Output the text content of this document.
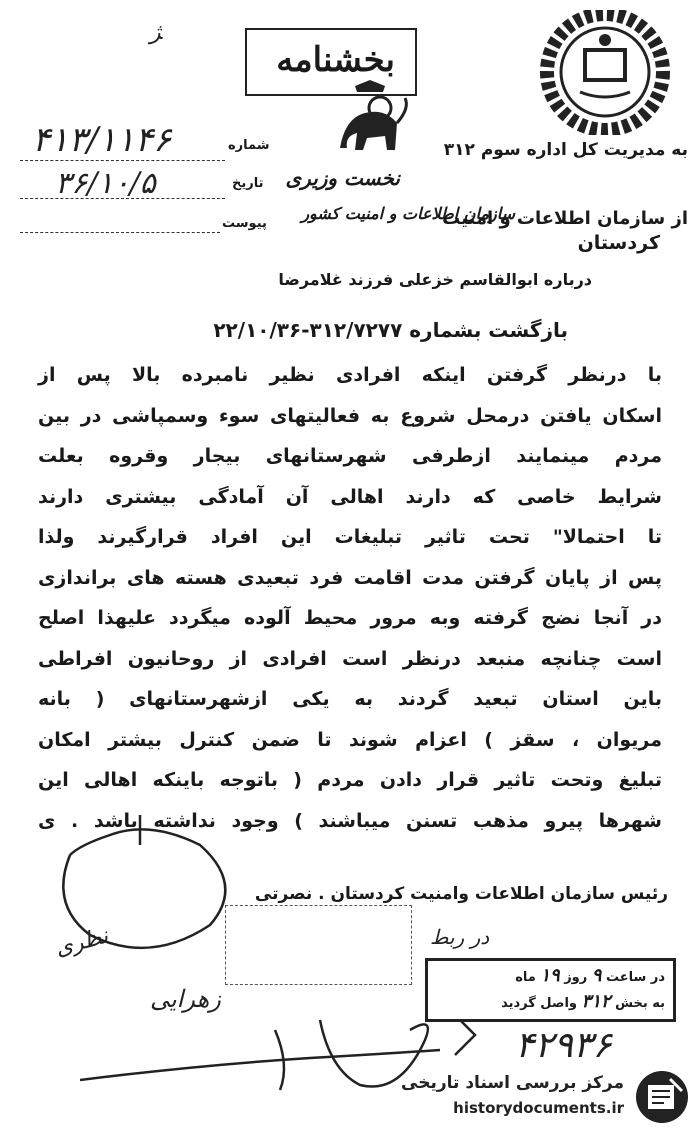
ﮋ
بخشنامه
به مدیریت کل اداره سوم ۳۱۲
نخست وزیری
از سازمان اطلاعات و امنیت
سازمان اطلاعات و امنیت کشور
کردستان
شماره
۴۱۳/۱۱۴۶
تاریخ
۳۶/۱۰/۵
پیوست
درباره ابوالقاسم خزعلی فرزند غلامرضا
بازگشت بشماره ۳۱۲/۷۲۷۷-۲۲/۱۰/۳۶
با درنظر گرفتن اینکه افرادی نظیر نامبرده بالا پس از
اسکان یافتن درمحل شروع به فعالیتهای سوء وسمپاشی در بین
مردم مینمایند ازطرفی شهرستانهای بیجار وقروه بعلت
شرایط خاصی که دارند اهالی آن آمادگی بیشتری دارند
تا احتمالا" تحت تاثیر تبلیغات این افراد قرارگیرند ولذا
پس از پایان گرفتن مدت اقامت فرد تبعیدی هسته های براندازی
در آنجا نضج گرفته وبه مرور محیط آلوده میگردد علیهذا اصلح
است چنانچه منبعد درنظر است افرادی از روحانیون افراطی
باین استان تبعید گردند به یکی ازشهرستانهای ( بانه
مریوان ، سقز ) اعزام شوند تا ضمن کنترل بیشتر امکان
تبلیغ وتحت تاثیر قرار دادن مردم ( باتوجه باینکه اهالی این
شهرها پیرو مذهب تسنن میباشند ) وجود نداشته باشد . ی
رئیس سازمان اطلاعات وامنیت کردستان . نصرتی
نظری	در ربط
در ساعت ۹ روز ۱۹ ماه
به بخش ۳۱۲ واصل گردید
زهرایی
۴۲۹۳۶
مرکز بررسی اسناد تاریخی
historydocuments.ir
